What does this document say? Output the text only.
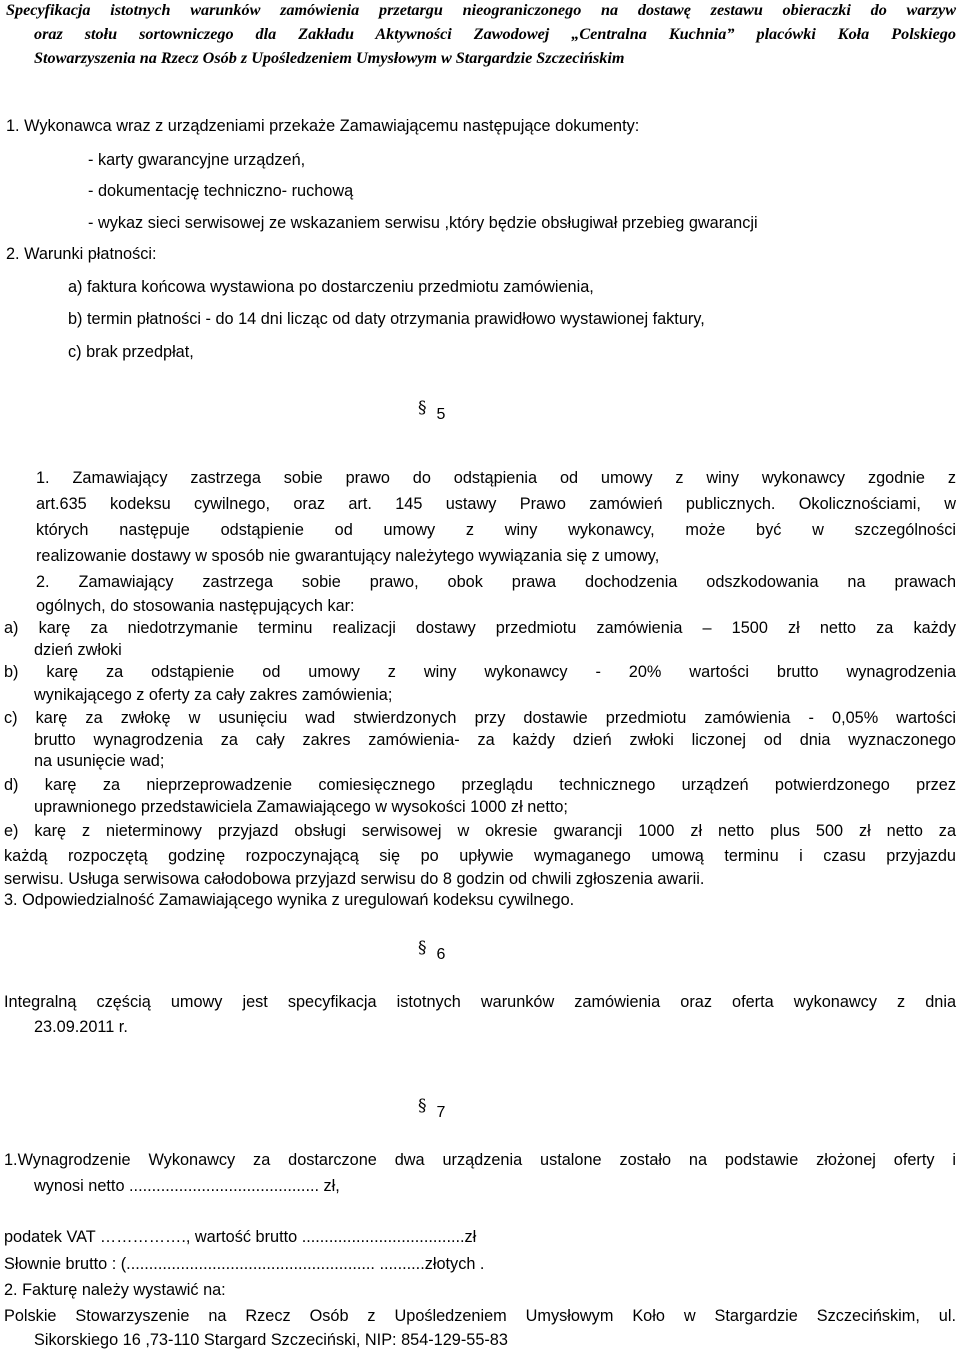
Specyfikacja istotnych warunków zamówienia przetargu nieograniczonego na dostawę zestawu obieraczki do warzyw
oraz stołu sortowniczego dla Zakładu Aktywności Zawodowej „Centralna Kuchnia” placówki Koła Polskiego
Stowarzyszenia na Rzecz Osób z Upośledzeniem Umysłowym w Stargardzie Szczecińskim
1. Wykonawca wraz z urządzeniami przekaże Zamawiającemu następujące dokumenty:
- karty gwarancyjne urządzeń,
- dokumentację techniczno- ruchową
- wykaz sieci serwisowej ze wskazaniem serwisu ,który będzie obsługiwał przebieg gwarancji
2. Warunki płatności:
a) faktura końcowa wystawiona po dostarczeniu przedmiotu zamówienia,
b) termin płatności - do 14 dni licząc od daty otrzymania prawidłowo wystawionej faktury,
c) brak przedpłat,
§ 5
1. Zamawiający zastrzega sobie prawo do odstąpienia od umowy z winy wykonawcy zgodnie z
art.635 kodeksu cywilnego, oraz art. 145 ustawy Prawo zamówień publicznych. Okolicznościami, w
których następuje odstąpienie od umowy z winy wykonawcy, może być w szczególności
realizowanie dostawy w sposób nie gwarantujący należytego wywiązania się z umowy,
2. Zamawiający zastrzega sobie prawo, obok prawa dochodzenia odszkodowania na prawach
ogólnych, do stosowania następujących kar:
a) karę za niedotrzymanie terminu realizacji dostawy przedmiotu zamówienia – 1500 zł netto za każdy
dzień zwłoki
b) karę za odstąpienie od umowy z winy wykonawcy - 20% wartości brutto wynagrodzenia
wynikającego z oferty za cały zakres zamówienia;
c) karę za zwłokę w usunięciu wad stwierdzonych przy dostawie przedmiotu zamówienia - 0,05% wartości
brutto wynagrodzenia za cały zakres zamówienia- za każdy dzień zwłoki liczonej od dnia wyznaczonego
na usunięcie wad;
d) karę za nieprzeprowadzenie comiesięcznego przeglądu technicznego urządzeń potwierdzonego przez
uprawnionego przedstawiciela Zamawiającego w wysokości 1000 zł netto;
e) karę z nieterminowy przyjazd obsługi serwisowej w okresie gwarancji 1000 zł netto plus 500 zł netto za
każdą rozpoczętą godzinę rozpoczynającą się po upływie wymaganego umową terminu i czasu przyjazdu
serwisu. Usługa serwisowa całodobowa przyjazd serwisu do 8 godzin od chwili zgłoszenia awarii.
3. Odpowiedzialność Zamawiającego wynika z uregulowań kodeksu cywilnego.
§ 6
Integralną częścią umowy jest specyfikacja istotnych warunków zamówienia oraz oferta wykonawcy z dnia
23.09.2011 r.
§ 7
1.Wynagrodzenie Wykonawcy za dostarczone dwa urządzenia ustalone zostało na podstawie złożonej oferty i
wynosi netto .......................................... zł,
podatek VAT ……………., wartość brutto ....................................zł
Słownie brutto : (....................................................... ..........złotych .
2. Fakturę należy wystawić na:
Polskie Stowarzyszenie na Rzecz Osób z Upośledzeniem Umysłowym Koło w Stargardzie Szczecińskim, ul.
Sikorskiego 16 ,73-110 Stargard Szczeciński, NIP: 854-129-55-83
